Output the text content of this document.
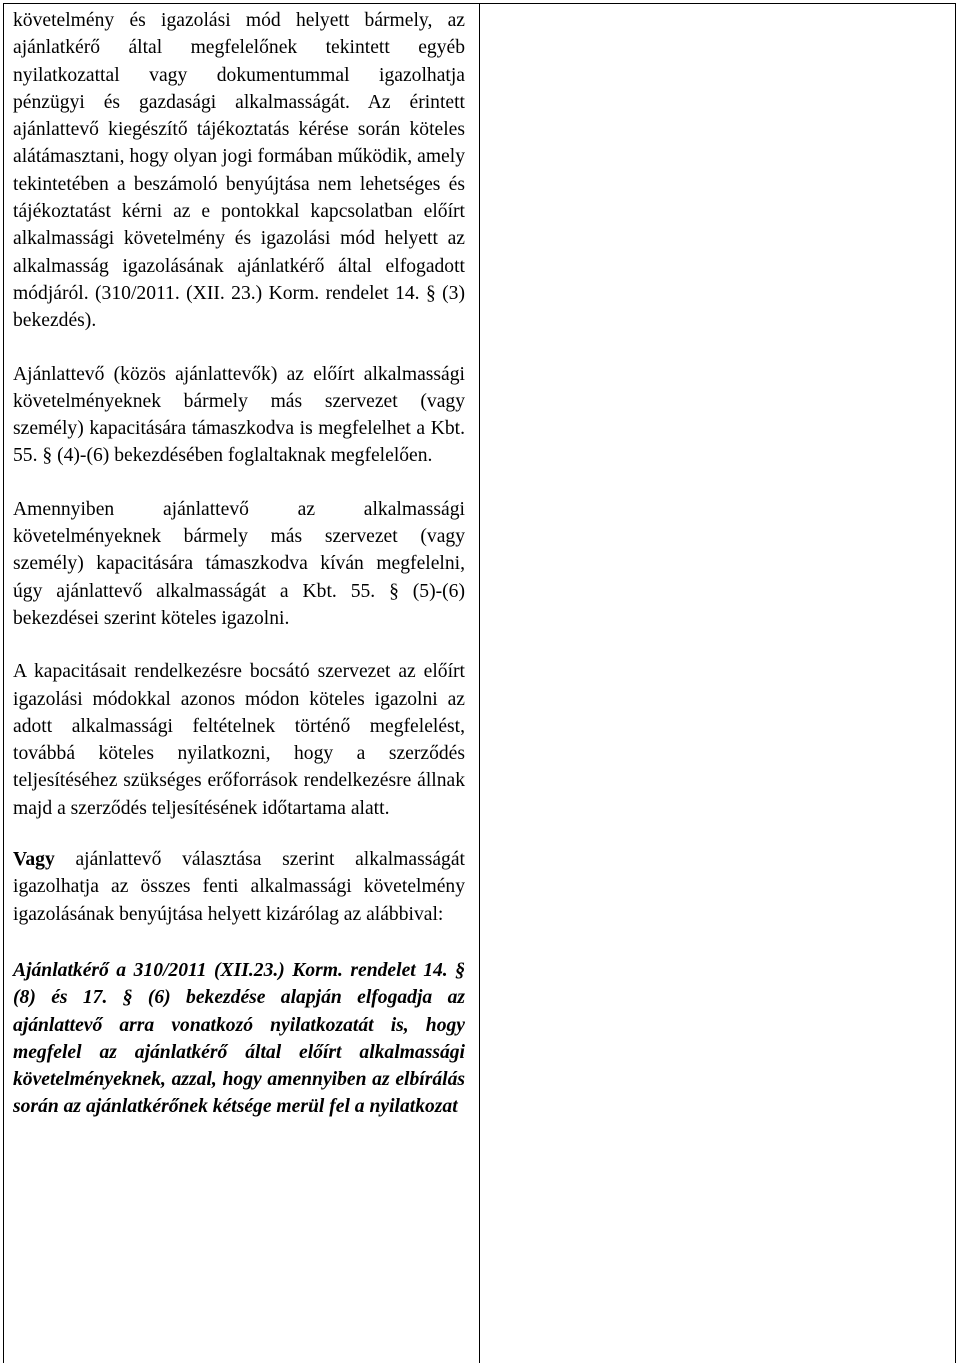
követelmény és igazolási mód helyett bármely, az ajánlatkérő által megfelelőnek tekintett egyéb nyilatkozattal vagy dokumentummal igazolhatja pénzügyi és gazdasági alkalmasságát. Az érintett ajánlattevő kiegészítő tájékoztatás kérése során köteles alátámasztani, hogy olyan jogi formában működik, amely tekintetében a beszámoló benyújtása nem lehetséges és tájékoztatást kérni az e pontokkal kapcsolatban előírt alkalmassági követelmény és igazolási mód helyett az alkalmasság igazolásának ajánlatkérő által elfogadott módjáról. (310/2011. (XII. 23.) Korm. rendelet 14. § (3) bekezdés).

Ajánlattevő (közös ajánlattevők) az előírt alkalmassági követelményeknek bármely más szervezet (vagy személy) kapacitására támaszkodva is megfelelhet a Kbt. 55. § (4)-(6) bekezdésében foglaltaknak megfelelően.

Amennyiben ajánlattevő az alkalmassági követelményeknek bármely más szervezet (vagy személy) kapacitására támaszkodva kíván megfelelni, úgy ajánlattevő alkalmasságát a Kbt. 55. § (5)-(6) bekezdései szerint köteles igazolni.

A kapacitásait rendelkezésre bocsátó szervezet az előírt igazolási módokkal azonos módon köteles igazolni az adott alkalmassági feltételnek történő megfelelést, továbbá köteles nyilatkozni, hogy a szerződés teljesítéséhez szükséges erőforrások rendelkezésre állnak majd a szerződés teljesítésének időtartama alatt.

Vagy ajánlattevő választása szerint alkalmasságát igazolhatja az összes fenti alkalmassági követelmény igazolásának benyújtása helyett kizárólag az alábbival:

Ajánlatkérő a 310/2011 (XII.23.) Korm. rendelet 14. § (8) és 17. § (6) bekezdése alapján elfogadja az ajánlattevő arra vonatkozó nyilatkozatát is, hogy megfelel az ajánlatkérő által előírt alkalmassági követelményeknek, azzal, hogy amennyiben az elbírálás során az ajánlatkérőnek kétsége merül fel a nyilatkozat
